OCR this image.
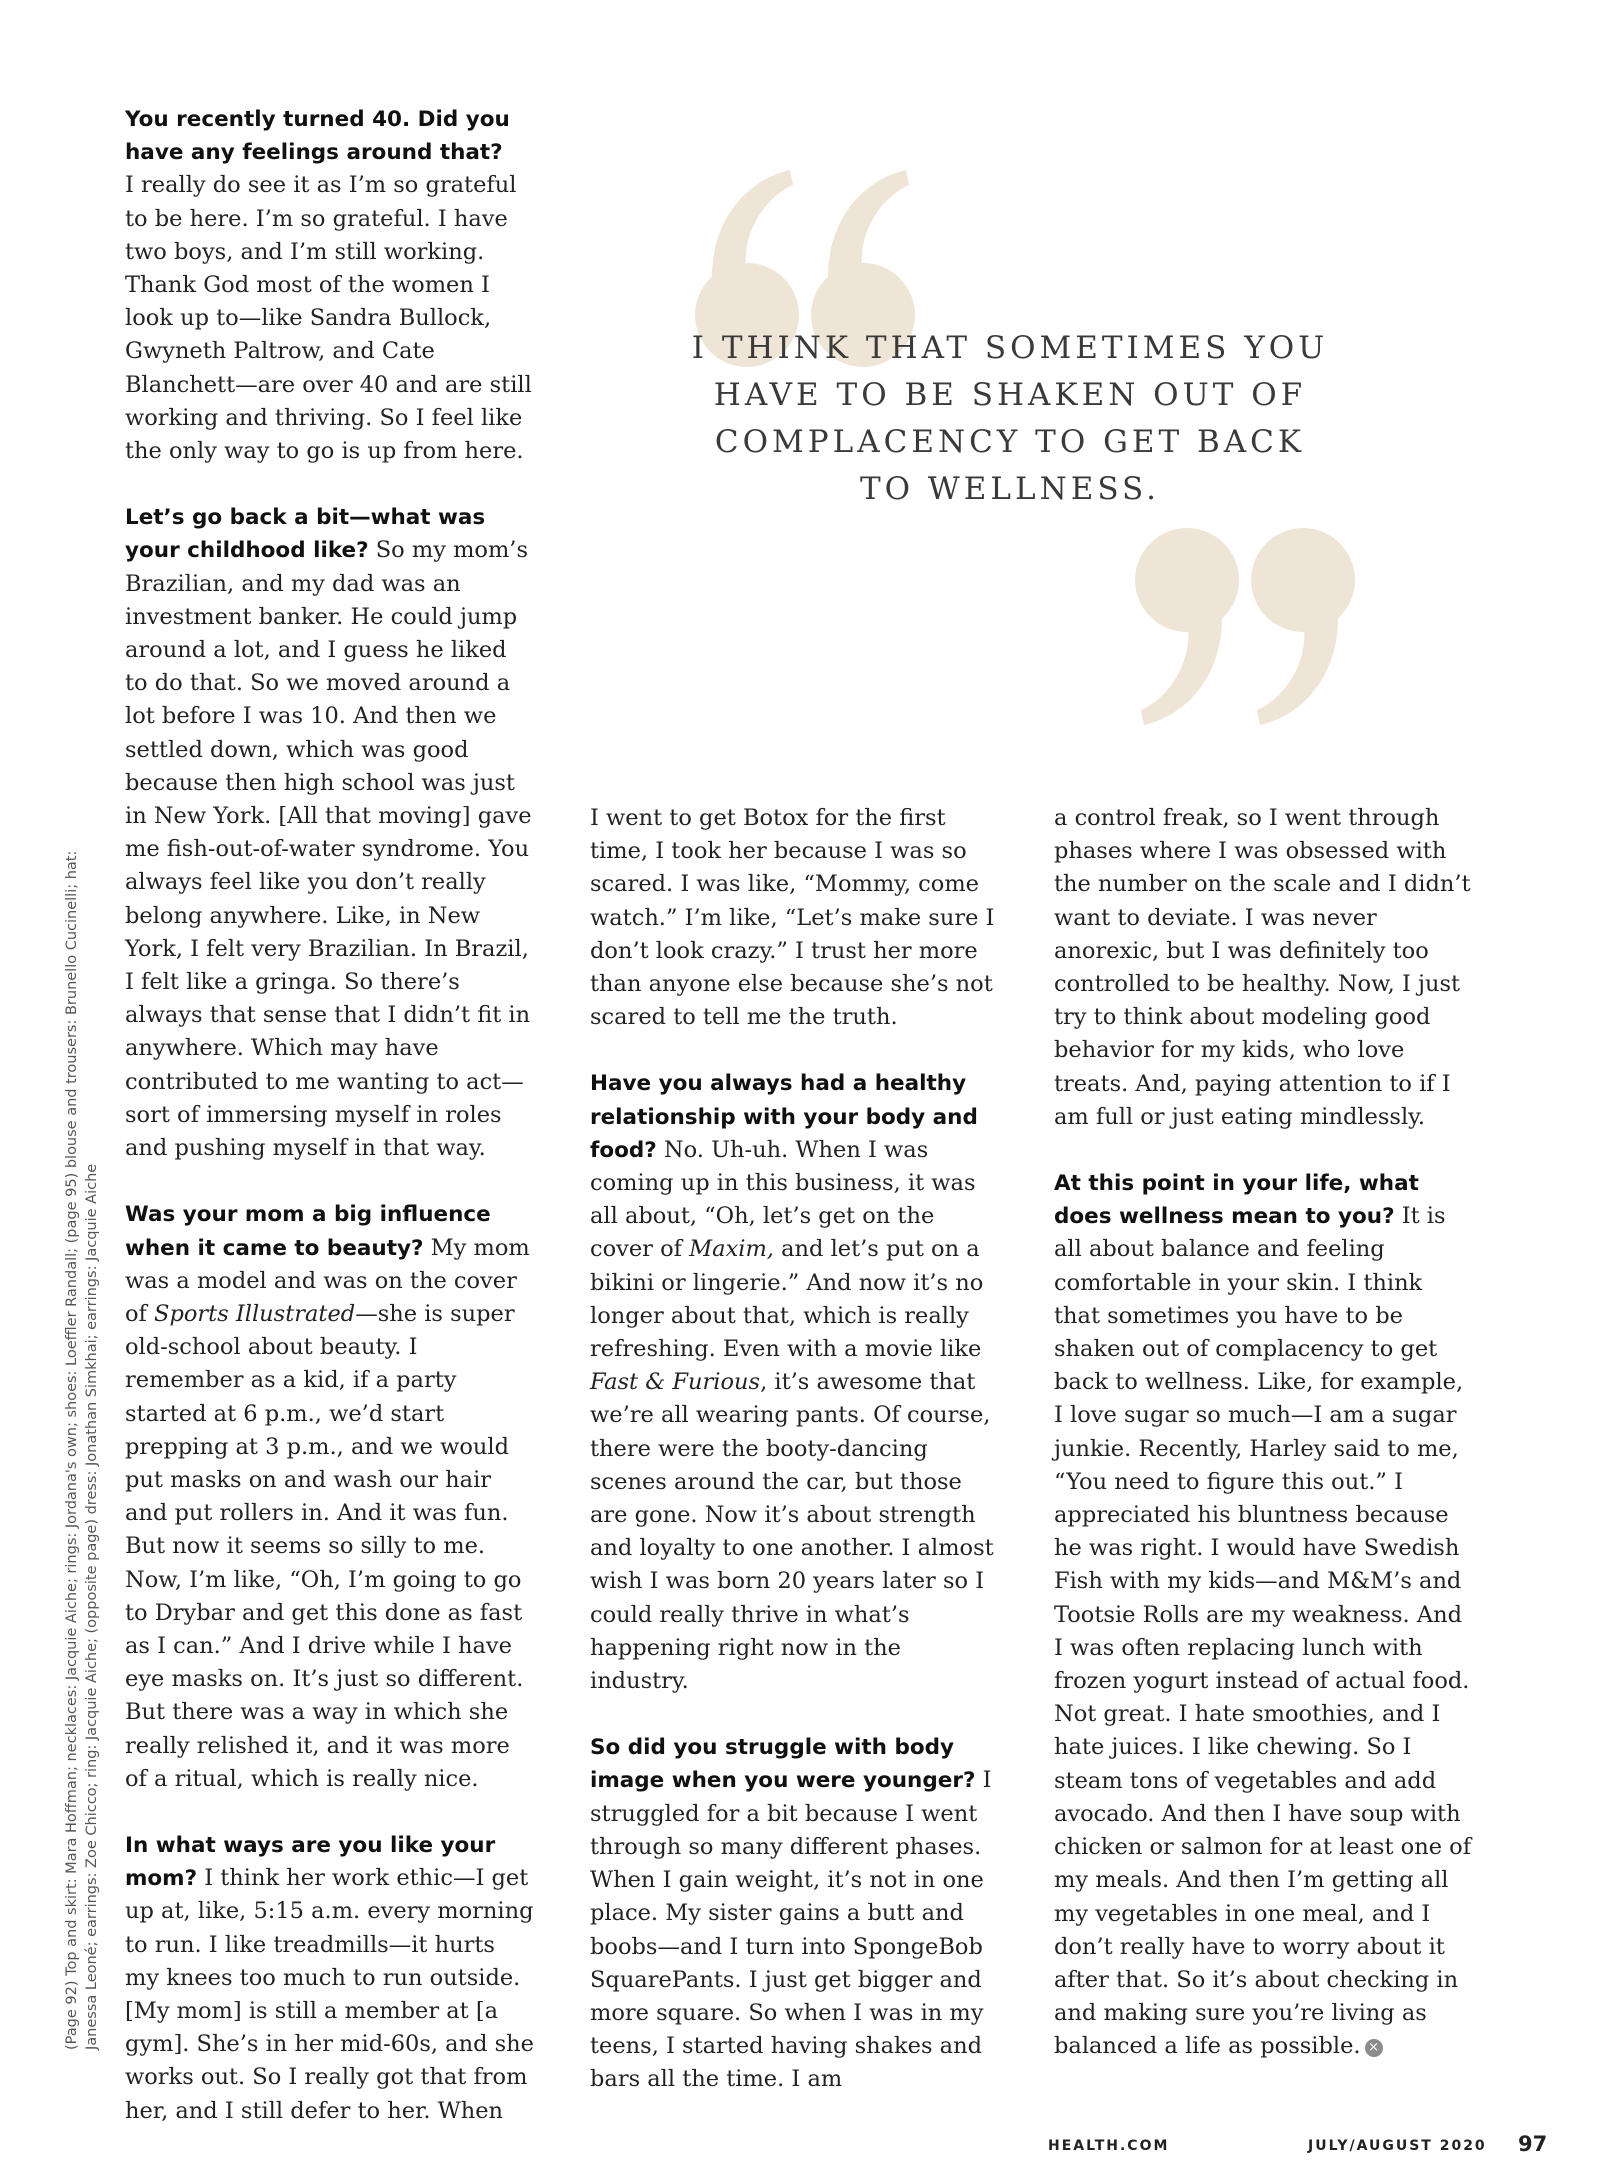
I THINK THAT SOMETIMES YOU HAVE TO BE SHAKEN OUT OF COMPLACENCY TO GET BACK TO WELLNESS.

You recently turned 40. Did you have any feelings around that?
I really do see it as I’m so grateful to be here. I’m so grateful. I have two boys, and I’m still working. Thank God most of the women I look up to—like Sandra Bullock, Gwyneth Paltrow, and Cate Blanchett—are over 40 and are still working and thriving. So I feel like the only way to go is up from here.

Let’s go back a bit—what was your childhood like? So my mom’s Brazilian, and my dad was an investment banker. He could jump around a lot, and I guess he liked to do that. So we moved around a lot before I was 10. And then we settled down, which was good because then high school was just in New York. [All that moving] gave me fish-out-of-water syndrome. You always feel like you don’t really belong anywhere. Like, in New York, I felt very Brazilian. In Brazil, I felt like a gringa. So there’s always that sense that I didn’t fit in anywhere. Which may have contributed to me wanting to act—sort of immersing myself in roles and pushing myself in that way.

Was your mom a big influence when it came to beauty? My mom was a model and was on the cover of Sports Illustrated—she is super old-school about beauty. I remember as a kid, if a party started at 6 p.m., we’d start prepping at 3 p.m., and we would put masks on and wash our hair and put rollers in. And it was fun. But now it seems so silly to me. Now, I’m like, “Oh, I’m going to go to Drybar and get this done as fast as I can.” And I drive while I have eye masks on. It’s just so different. But there was a way in which she really relished it, and it was more of a ritual, which is really nice.

In what ways are you like your mom? I think her work ethic—I get up at, like, 5:15 a.m. every morning to run. I like treadmills—it hurts my knees too much to run outside. [My mom] is still a member at [a gym]. She’s in her mid-60s, and she works out. So I really got that from her, and I still defer to her. When

I went to get Botox for the first time, I took her because I was so scared. I was like, “Mommy, come watch.” I’m like, “Let’s make sure I don’t look crazy.” I trust her more than anyone else because she’s not scared to tell me the truth.

Have you always had a healthy relationship with your body and food? No. Uh-uh. When I was coming up in this business, it was all about, “Oh, let’s get on the cover of Maxim, and let’s put on a bikini or lingerie.” And now it’s no longer about that, which is really refreshing. Even with a movie like Fast & Furious, it’s awesome that we’re all wearing pants. Of course, there were the booty-dancing scenes around the car, but those are gone. Now it’s about strength and loyalty to one another. I almost wish I was born 20 years later so I could really thrive in what’s happening right now in the industry.

So did you struggle with body image when you were younger? I struggled for a bit because I went through so many different phases. When I gain weight, it’s not in one place. My sister gains a butt and boobs—and I turn into SpongeBob SquarePants. I just get bigger and more square. So when I was in my teens, I started having shakes and bars all the time. I am

a control freak, so I went through phases where I was obsessed with the number on the scale and I didn’t want to deviate. I was never anorexic, but I was definitely too controlled to be healthy. Now, I just try to think about modeling good behavior for my kids, who love treats. And, paying attention to if I am full or just eating mindlessly.

At this point in your life, what does wellness mean to you? It is all about balance and feeling comfortable in your skin. I think that sometimes you have to be shaken out of complacency to get back to wellness. Like, for example, I love sugar so much—I am a sugar junkie. Recently, Harley said to me, “You need to figure this out.” I appreciated his bluntness because he was right. I would have Swedish Fish with my kids—and M&M’s and Tootsie Rolls are my weakness. And I was often replacing lunch with frozen yogurt instead of actual food. Not great. I hate smoothies, and I hate juices. I like chewing. So I steam tons of vegetables and add avocado. And then I have soup with chicken or salmon for at least one of my meals. And then I’m getting all my vegetables in one meal, and I don’t really have to worry about it after that. So it’s about checking in and making sure you’re living as balanced a life as possible. ×

(Page 92) Top and skirt: Mara Hoffman; necklaces: Jacquie Aiche; rings: Jordana's own; shoes: Loeffler Randall; (page 95) blouse and trousers: Brunello Cucinelli; hat: Janessa Leoné; earrings: Zoe Chicco; ring: Jacquie Aiche; (opposite page) dress: Jonathan Simkhai; earrings: Jacquie Aiche
HEALTH.COM	JULY/AUGUST 2020 97
